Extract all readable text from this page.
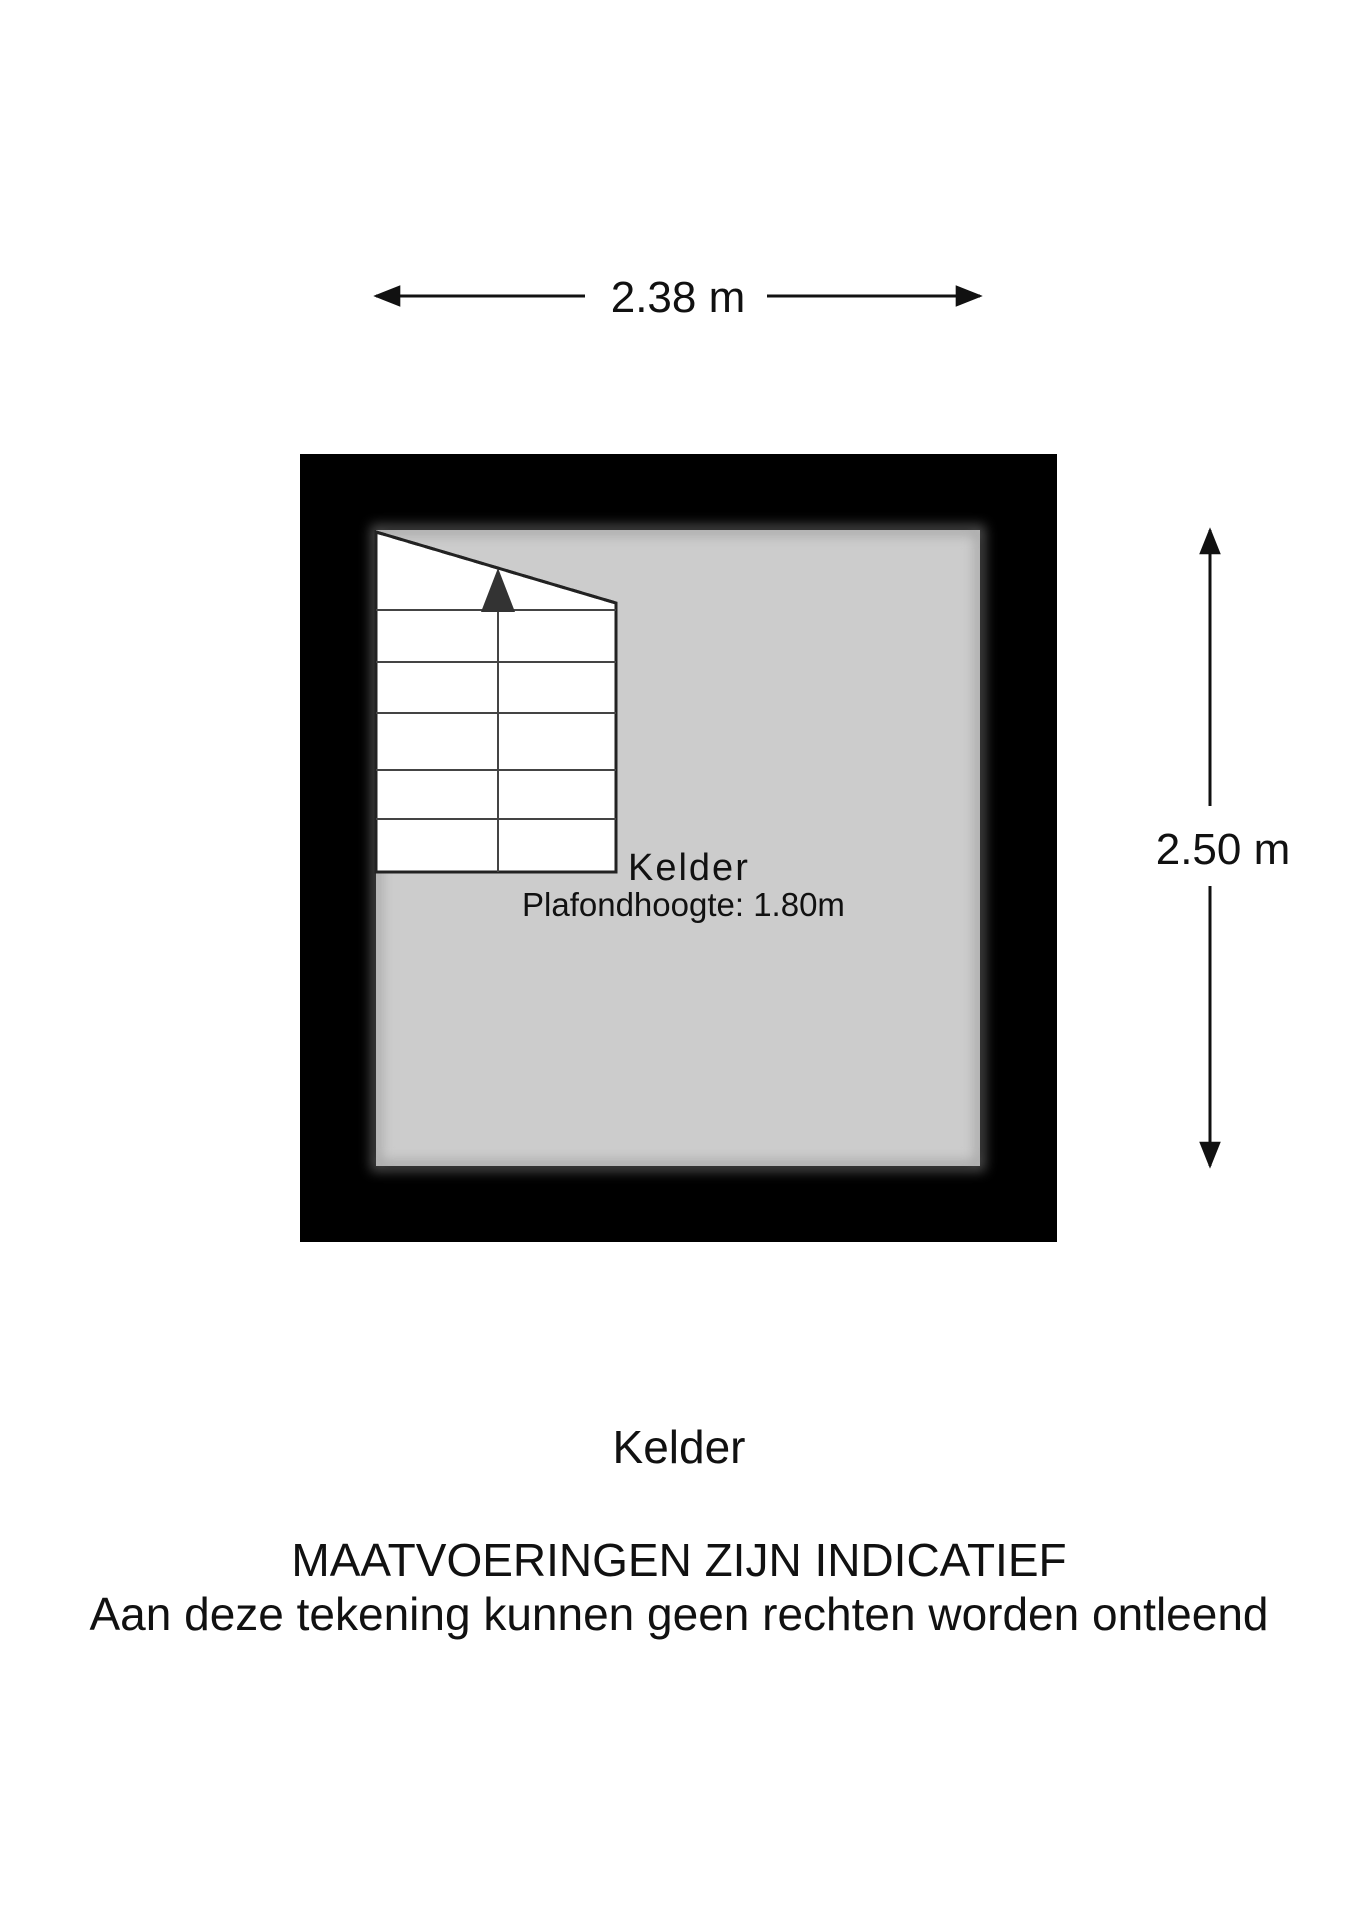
2.38 m
2.50 m
Kelder
Plafondhoogte: 1.80m
Kelder
MAATVOERINGEN ZIJN INDICATIEF
Aan deze tekening kunnen geen rechten worden ontleend
